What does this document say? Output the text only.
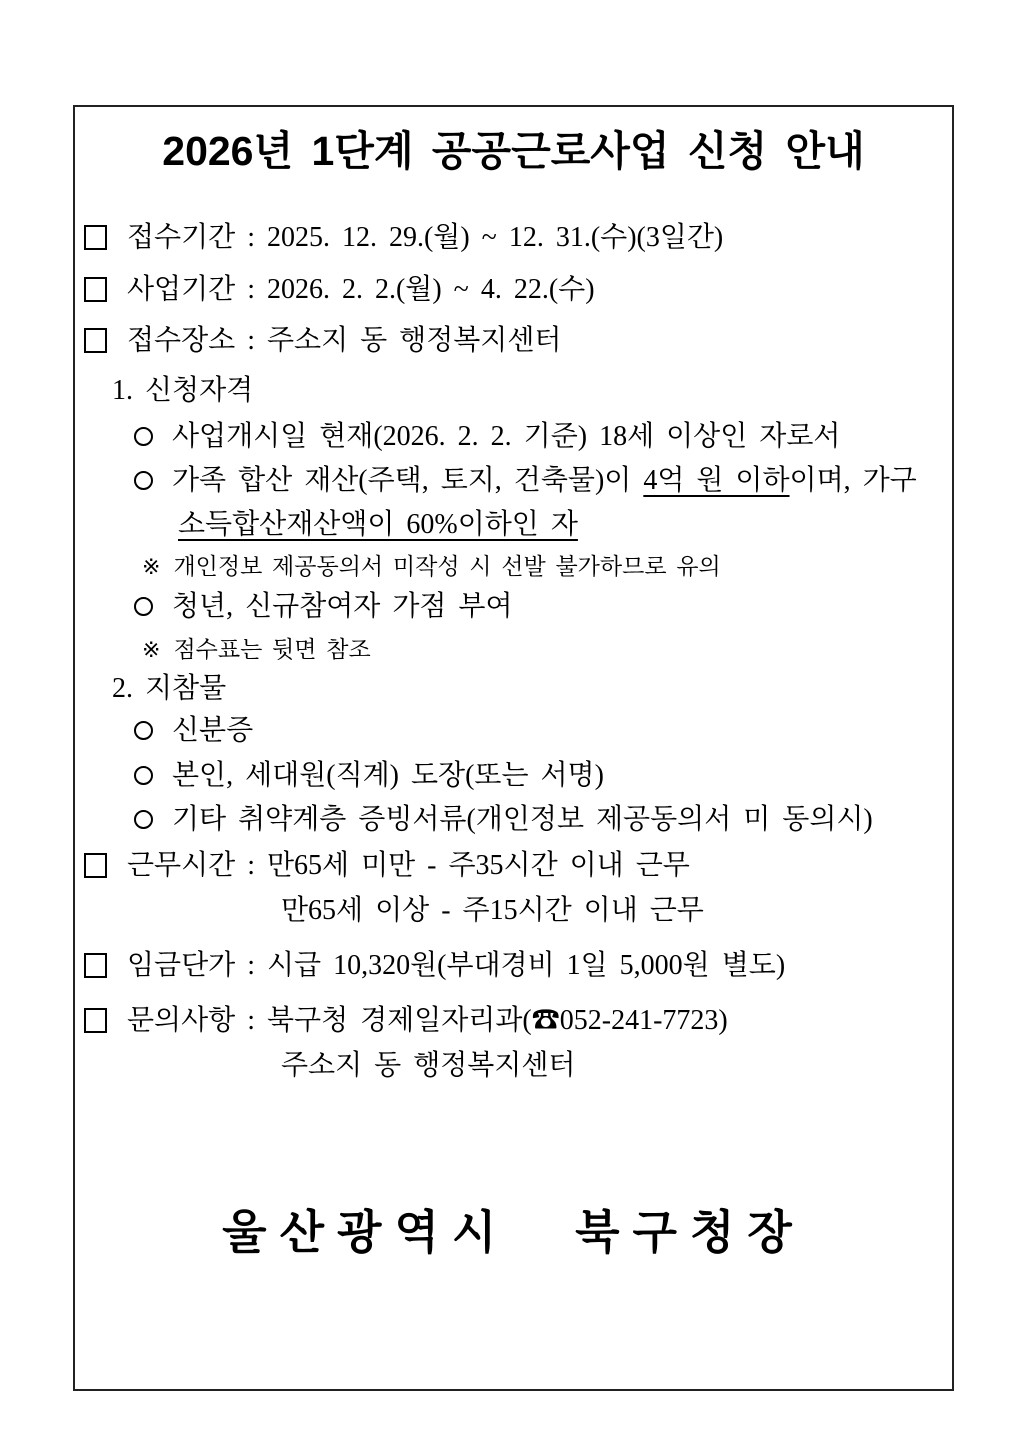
2026년 1단계 공공근로사업 신청 안내
접수기간 : 2025. 12. 29.(월) ~ 12. 31.(수)(3일간)
사업기간 : 2026. 2. 2.(월) ~ 4. 22.(수)
접수장소 : 주소지 동 행정복지센터
1. 신청자격
사업개시일 현재(2026. 2. 2. 기준) 18세 이상인 자로서
가족 합산 재산(주택, 토지, 건축물)이 4억 원 이하이며, 가구
소득합산재산액이 60%이하인 자
※ 개인정보 제공동의서 미작성 시 선발 불가하므로 유의
청년, 신규참여자 가점 부여
※ 점수표는 뒷면 참조
2. 지참물
신분증
본인, 세대원(직계) 도장(또는 서명)
기타 취약계층 증빙서류(개인정보 제공동의서 미 동의시)
근무시간 : 만65세 미만 - 주35시간 이내 근무
만65세 이상 - 주15시간 이내 근무
임금단가 : 시급 10,320원(부대경비 1일 5,000원 별도)
문의사항 : 북구청 경제일자리과(☎052-241-7723)
주소지 동 행정복지센터
울산광역시 북구청장
